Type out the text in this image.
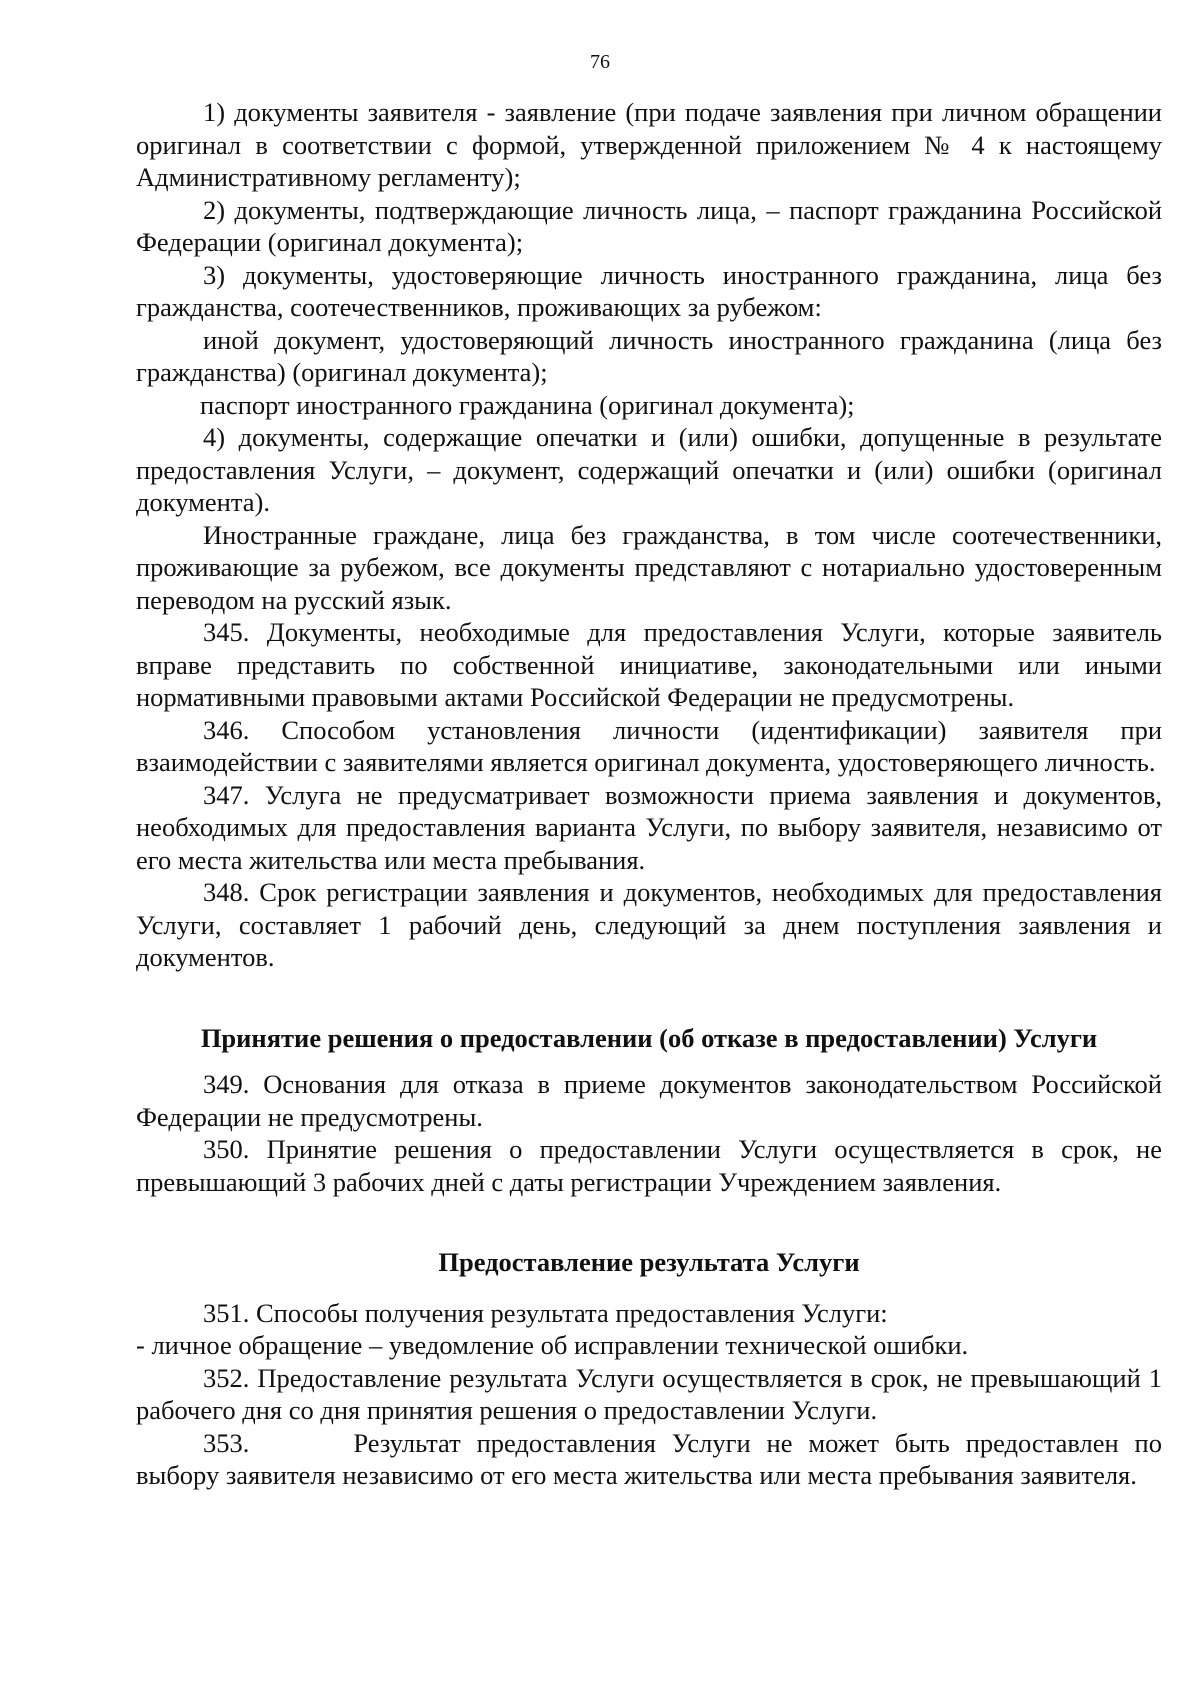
76

1) документы заявителя - заявление (при подаче заявления при личном обращении оригинал в соответствии с формой, утвержденной приложением № 4 к настоящему Административному регламенту);

2) документы, подтверждающие личность лица, – паспорт гражданина Российской Федерации (оригинал документа);

3) документы, удостоверяющие личность иностранного гражданина, лица без гражданства, соотечественников, проживающих за рубежом:

иной документ, удостоверяющий личность иностранного гражданина (лица без гражданства) (оригинал документа);

паспорт иностранного гражданина (оригинал документа);

4) документы, содержащие опечатки и (или) ошибки, допущенные в результате предоставления Услуги, – документ, содержащий опечатки и (или) ошибки (оригинал документа).

Иностранные граждане, лица без гражданства, в том числе соотечественники, проживающие за рубежом, все документы представляют с нотариально удостоверенным переводом на русский язык.

345. Документы, необходимые для предоставления Услуги, которые заявитель вправе представить по собственной инициативе, законодательными или иными нормативными правовыми актами Российской Федерации не предусмотрены.

346. Способом установления личности (идентификации) заявителя при взаимодействии с заявителями является оригинал документа, удостоверяющего личность.

347. Услуга не предусматривает возможности приема заявления и документов, необходимых для предоставления варианта Услуги, по выбору заявителя, независимо от его места жительства или места пребывания.

348. Срок регистрации заявления и документов, необходимых для предоставления Услуги, составляет 1 рабочий день, следующий за днем поступления заявления и документов.

Принятие решения о предоставлении (об отказе в предоставлении) Услуги

349. Основания для отказа в приеме документов законодательством Российской Федерации не предусмотрены.

350. Принятие решения о предоставлении Услуги осуществляется в срок, не превышающий 3 рабочих дней с даты регистрации Учреждением заявления.

Предоставление результата Услуги

351. Способы получения результата предоставления Услуги:

- личное обращение – уведомление об исправлении технической ошибки.

352. Предоставление результата Услуги осуществляется в срок, не превышающий 1 рабочего дня со дня принятия решения о предоставлении Услуги.

353.	Результат предоставления Услуги не может быть предоставлен по выбору заявителя независимо от его места жительства или места пребывания заявителя.
